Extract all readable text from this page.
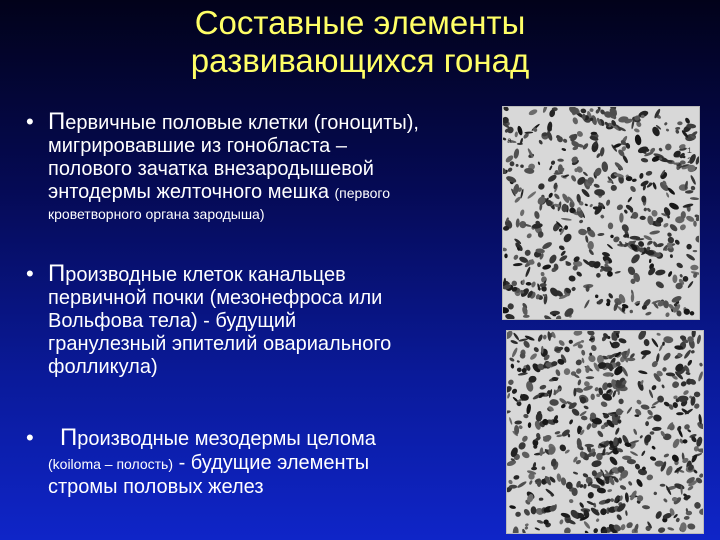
Составные элементы
развивающихся гонад
• Первичные половые клетки (гоноциты),
мигрировавшие из гонобласта –
полового зачатка внезародышевой
энтодермы желточного мешка (первого
кроветворного органа зародыша)
• Производные клеток канальцев
первичной почки (мезонефроса или
Вольфова тела) - будущий
гранулезный эпителий овариального
фолликула)
• Производные мезодермы целома
(koiloma – полость) - будущие элементы
стромы половых желез
а
1
2
